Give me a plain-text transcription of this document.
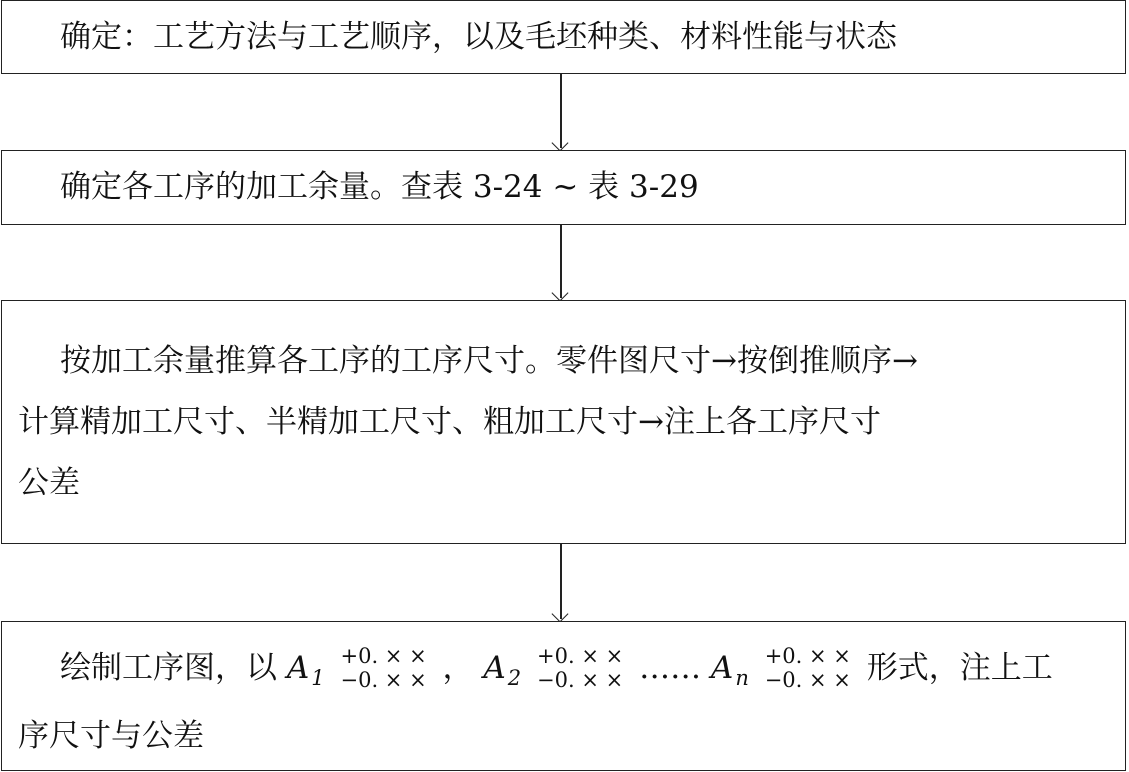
确定：工艺方法与工艺顺序，以及毛坯种类、材料性能与状态
确定各工序的加工余量。查表 3-24 ~ 表 3-29
按加工余量推算各工序的工序尺寸。零件图尺寸→按倒推顺序→
计算精加工尺寸、半精加工尺寸、粗加工尺寸→注上各工序尺寸
公差
绘制工序图，以 $A_1$
+0. × ×
−0. × × ， $A_2$
+0. × ×
−0. × × …… $A_n$
+0. × ×
−0. × × 形式，注上工
序尺寸与公差
